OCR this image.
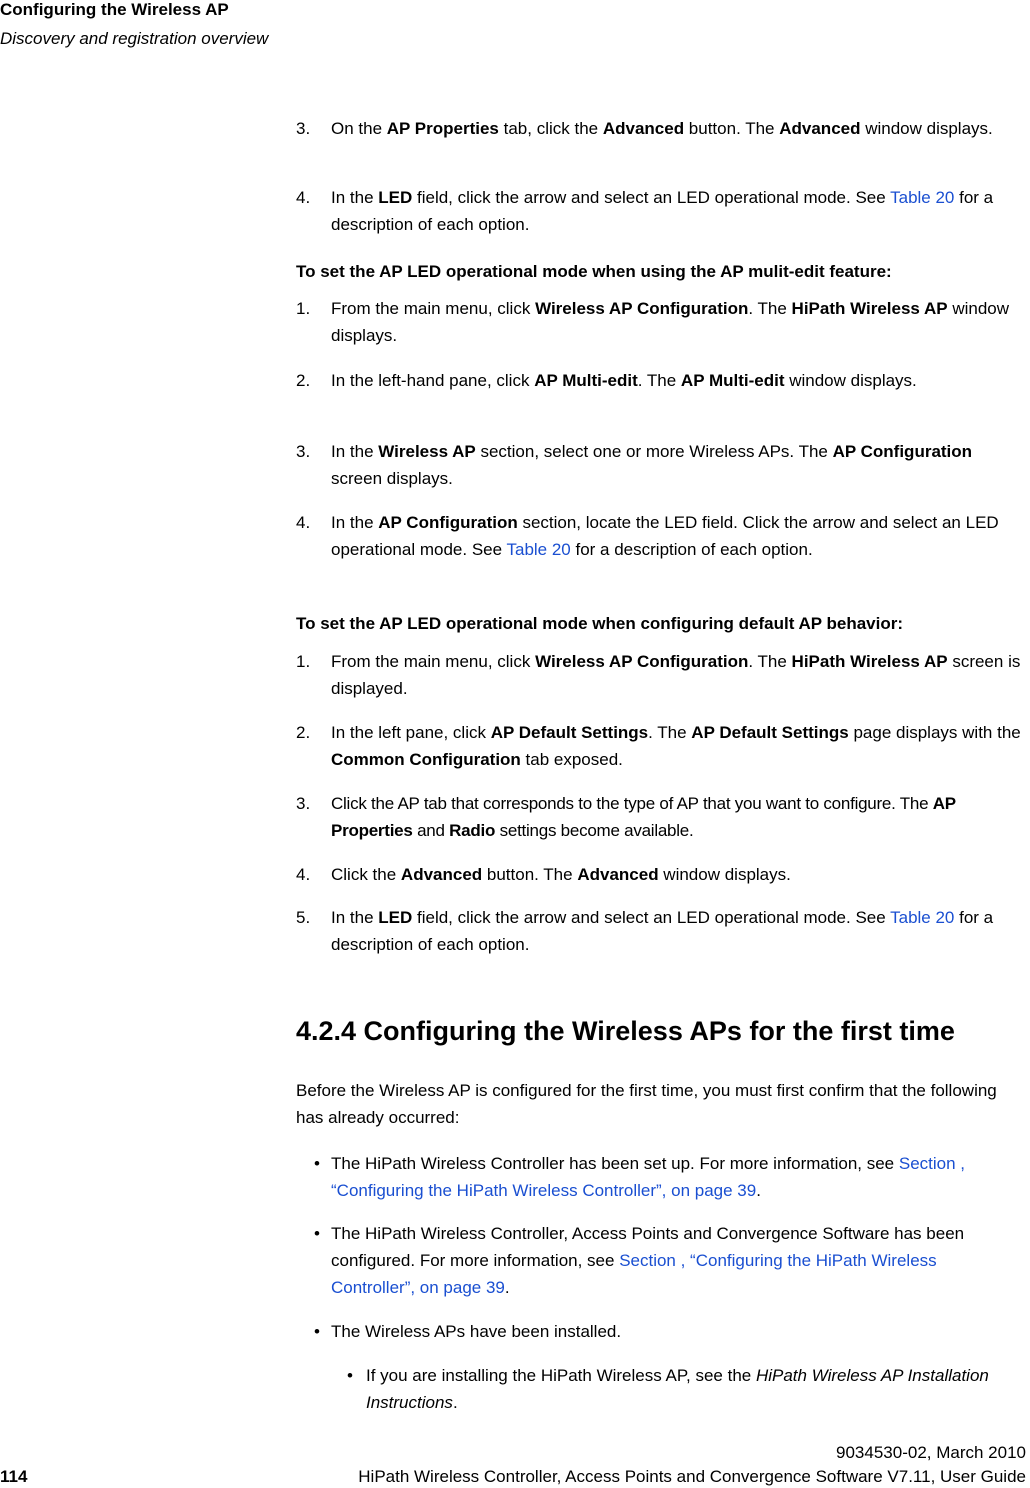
Configuring the Wireless AP
Discovery and registration overview
3. On the AP Properties tab, click the Advanced button. The Advanced window displays.
4. In the LED field, click the arrow and select an LED operational mode. See Table 20 for a description of each option.
To set the AP LED operational mode when using the AP mulit-edit feature:
1. From the main menu, click Wireless AP Configuration. The HiPath Wireless AP window displays.
2. In the left-hand pane, click AP Multi-edit. The AP Multi-edit window displays.
3. In the Wireless AP section, select one or more Wireless APs. The AP Configuration screen displays.
4. In the AP Configuration section, locate the LED field. Click the arrow and select an LED operational mode. See Table 20 for a description of each option.
To set the AP LED operational mode when configuring default AP behavior:
1. From the main menu, click Wireless AP Configuration. The HiPath Wireless AP screen is displayed.
2. In the left pane, click AP Default Settings. The AP Default Settings page displays with the Common Configuration tab exposed.
3. Click the AP tab that corresponds to the type of AP that you want to configure. The AP Properties and Radio settings become available.
4. Click the Advanced button. The Advanced window displays.
5. In the LED field, click the arrow and select an LED operational mode. See Table 20 for a description of each option.
4.2.4 Configuring the Wireless APs for the first time
Before the Wireless AP is configured for the first time, you must first confirm that the following has already occurred:
• The HiPath Wireless Controller has been set up. For more information, see Section , “Configuring the HiPath Wireless Controller”, on page 39.
• The HiPath Wireless Controller, Access Points and Convergence Software has been configured. For more information, see Section , “Configuring the HiPath Wireless Controller”, on page 39.
• The Wireless APs have been installed.
• If you are installing the HiPath Wireless AP, see the HiPath Wireless AP Installation Instructions.
9034530-02, March 2010
114	HiPath Wireless Controller, Access Points and Convergence Software V7.11, User Guide
